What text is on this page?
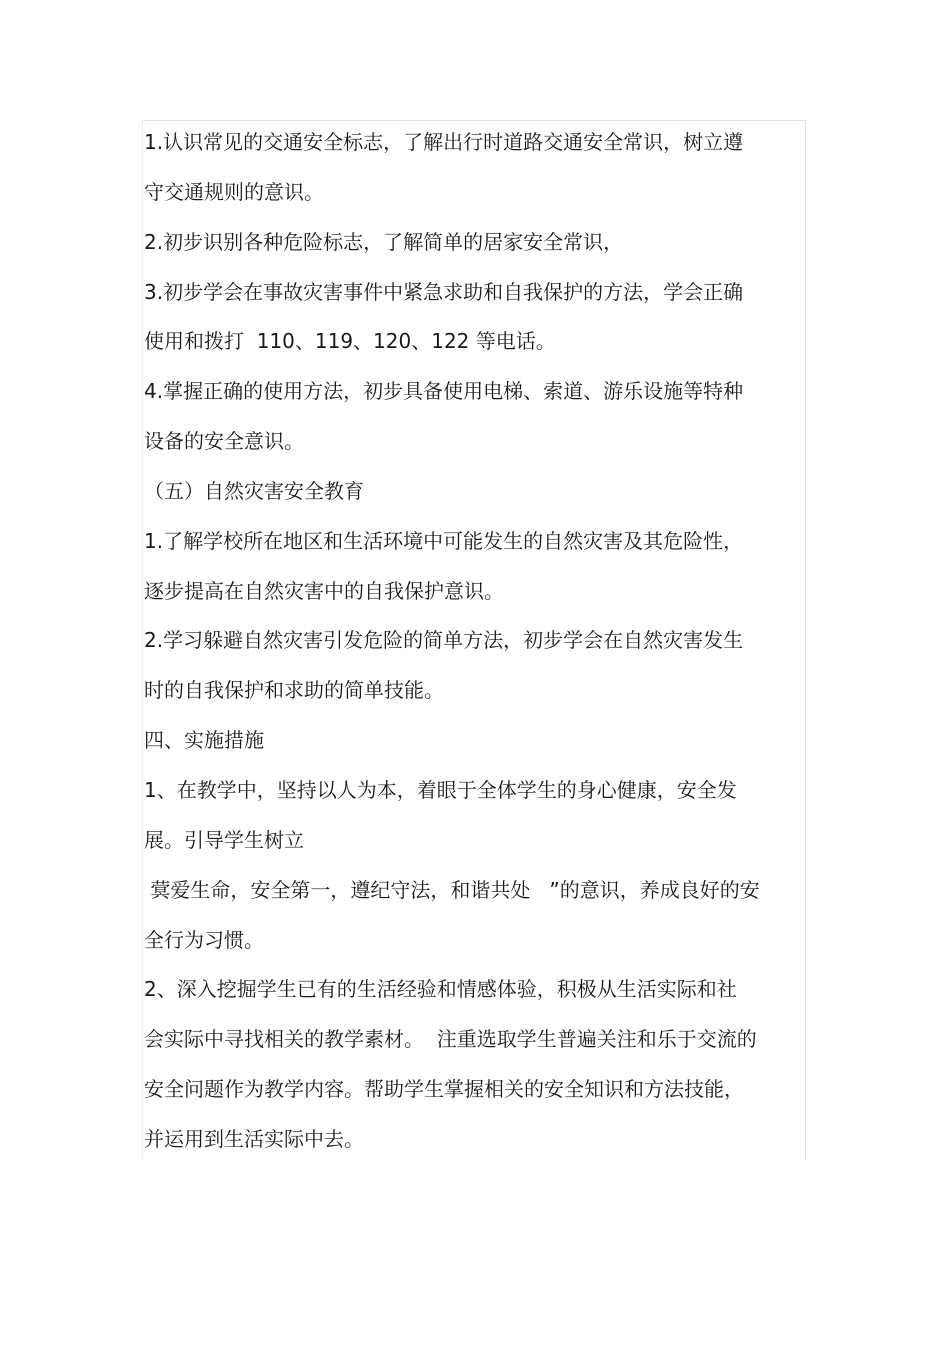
1.认识常见的交通安全标志，了解出行时道路交通安全常识，树立遵
守交通规则的意识。
2.初步识别各种危险标志，了解简单的居家安全常识，
3.初步学会在事故灾害事件中紧急求助和自我保护的方法，学会正确
使用和拨打  110、119、120、122 等电话。
4.掌握正确的使用方法，初步具备使用电梯、索道、游乐设施等特种
设备的安全意识。
（五）自然灾害安全教育
1.了解学校所在地区和生活环境中可能发生的自然灾害及其危险性，
逐步提高在自然灾害中的自我保护意识。
2.学习躲避自然灾害引发危险的简单方法，初步学会在自然灾害发生
时的自我保护和求助的简单技能。
四、实施措施
1、在教学中，坚持以人为本，着眼于全体学生的身心健康，安全发
展。引导学生树立
蓂爱生命，安全第一，遵纪守法，和谐共处   ”的意识，养成良好的安
全行为习惯。
2、深入挖掘学生已有的生活经验和情感体验，积极从生活实际和社
会实际中寻找相关的教学素材。  注重选取学生普遍关注和乐于交流的
安全问题作为教学内容。帮助学生掌握相关的安全知识和方法技能，
并运用到生活实际中去。
